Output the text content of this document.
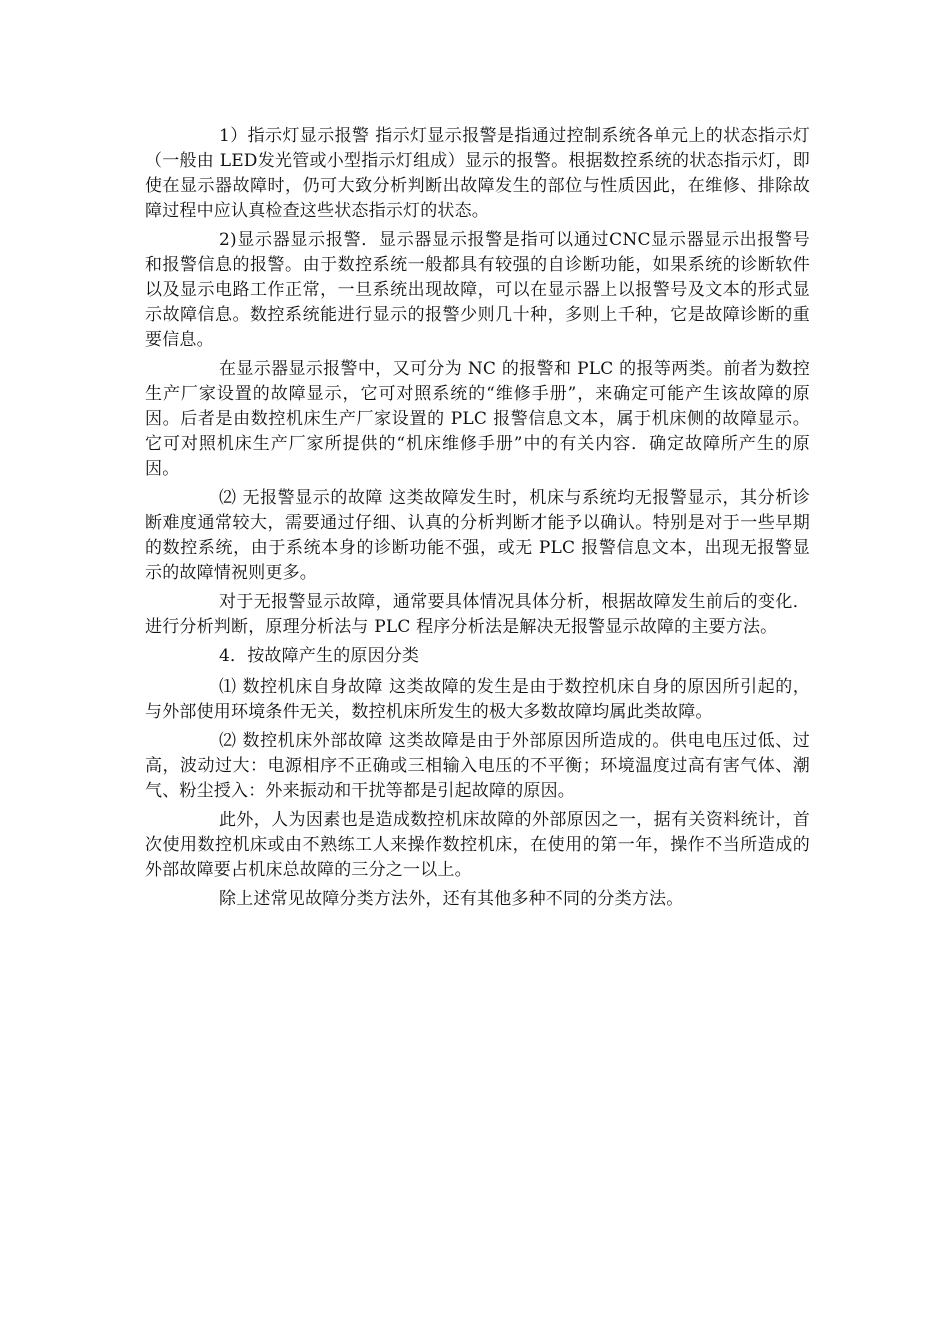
1）指示灯显示报警 指示灯显示报警是指通过控制系统各单元上的状态指示灯（一般由 LED发光管或小型指示灯组成）显示的报警。根据数控系统的状态指示灯，即使在显示器故障时，仍可大致分析判断出故障发生的部位与性质因此，在维修、排除故障过程中应认真检查这些状态指示灯的状态。

2)显示器显示报警．显示器显示报警是指可以通过CNC显示器显示出报警号和报警信息的报警。由于数控系统一般都具有较强的自诊断功能，如果系统的诊断软件以及显示电路工作正常，一旦系统出现故障，可以在显示器上以报警号及文本的形式显示故障信息。数控系统能进行显示的报警少则几十种，多则上千种，它是故障诊断的重要信息。

在显示器显示报警中，又可分为 NC 的报警和 PLC 的报等两类。前者为数控生产厂家设置的故障显示，它可对照系统的“维修手册”，来确定可能产生该故障的原因。后者是由数控机床生产厂家设置的 PLC 报警信息文本，属于机床侧的故障显示。它可对照机床生产厂家所提供的“机床维修手册”中的有关内容．确定故障所产生的原因。

⑵ 无报警显示的故障 这类故障发生时，机床与系统均无报警显示，其分析诊断难度通常较大，需要通过仔细、认真的分析判断才能予以确认。特别是对于一些早期的数控系统，由于系统本身的诊断功能不强，或无 PLC 报警信息文本，出现无报警显示的故障情祝则更多。

对于无报警显示故障，通常要具体情况具体分析，根据故障发生前后的变化．进行分析判断，原理分析法与 PLC 程序分析法是解决无报警显示故障的主要方法。

4．按故障产生的原因分类

⑴ 数控机床自身故障 这类故障的发生是由于数控机床自身的原因所引起的，与外部使用环境条件无关，数控机床所发生的极大多数故障均属此类故障。

⑵ 数控机床外部故障 这类故障是由于外部原因所造成的。供电电压过低、过高，波动过大：电源相序不正确或三相输入电压的不平衡；环境温度过高有害气体、潮气、粉尘授入：外来振动和干扰等都是引起故障的原因。

此外，人为因素也是造成数控机床故障的外部原因之一，据有关资料统计，首次使用数控机床或由不熟练工人来操作数控机床，在使用的第一年，操作不当所造成的外部故障要占机床总故障的三分之一以上。

除上述常见故障分类方法外，还有其他多种不同的分类方法。
